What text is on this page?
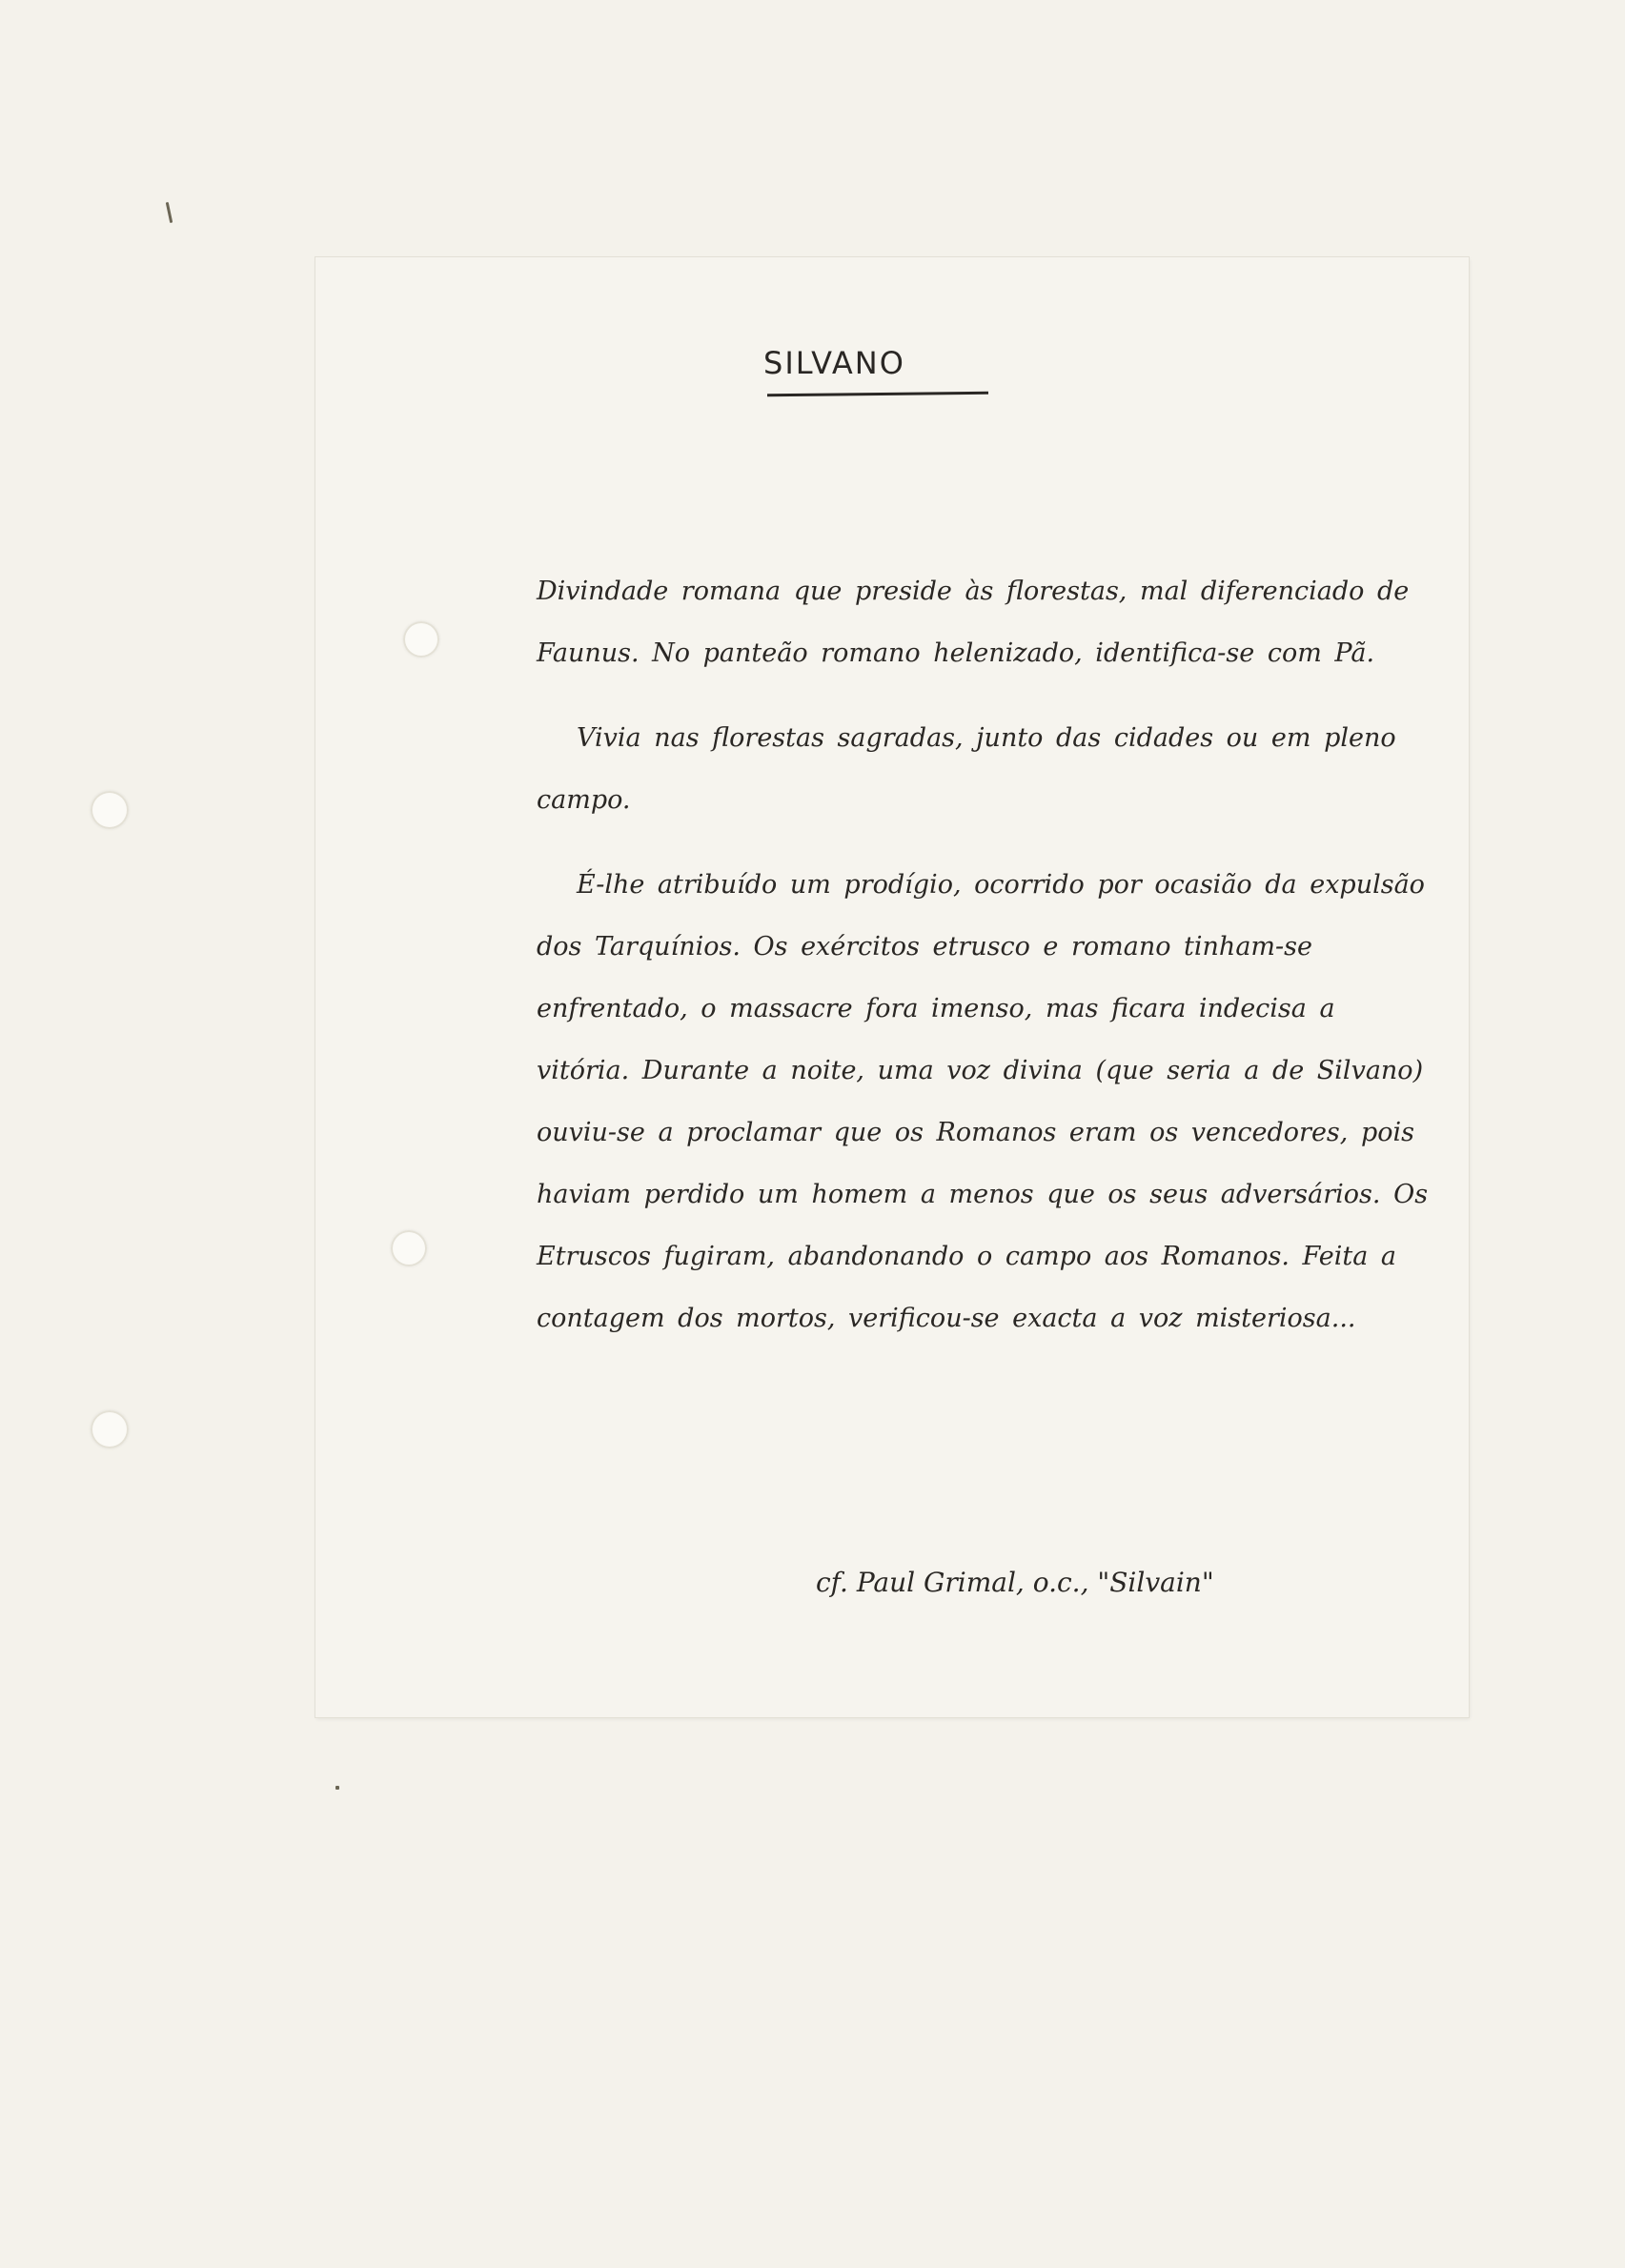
SILVANO

Divindade romana que preside às florestas, mal diferenciado de Faunus. No panteão romano helenizado, identifica-se com Pã.

Vivia nas florestas sagradas, junto das cidades ou em pleno campo.

É-lhe atribuído um prodígio, ocorrido por ocasião da expulsão dos Tarquínios. Os exércitos etrusco e romano tinham-se enfrentado, o massacre fora imenso, mas ficara indecisa a vitória. Durante a noite, uma voz divina (que seria a de Silvano) ouviu-se a proclamar que os Romanos eram os vencedores, pois haviam perdido um homem a menos que os seus adversários. Os Etruscos fugiram, abandonando o campo aos Romanos. Feita a contagem dos mortos, verificou-se exacta a voz misteriosa...

cf. Paul Grimal, o.c., "Silvain"
